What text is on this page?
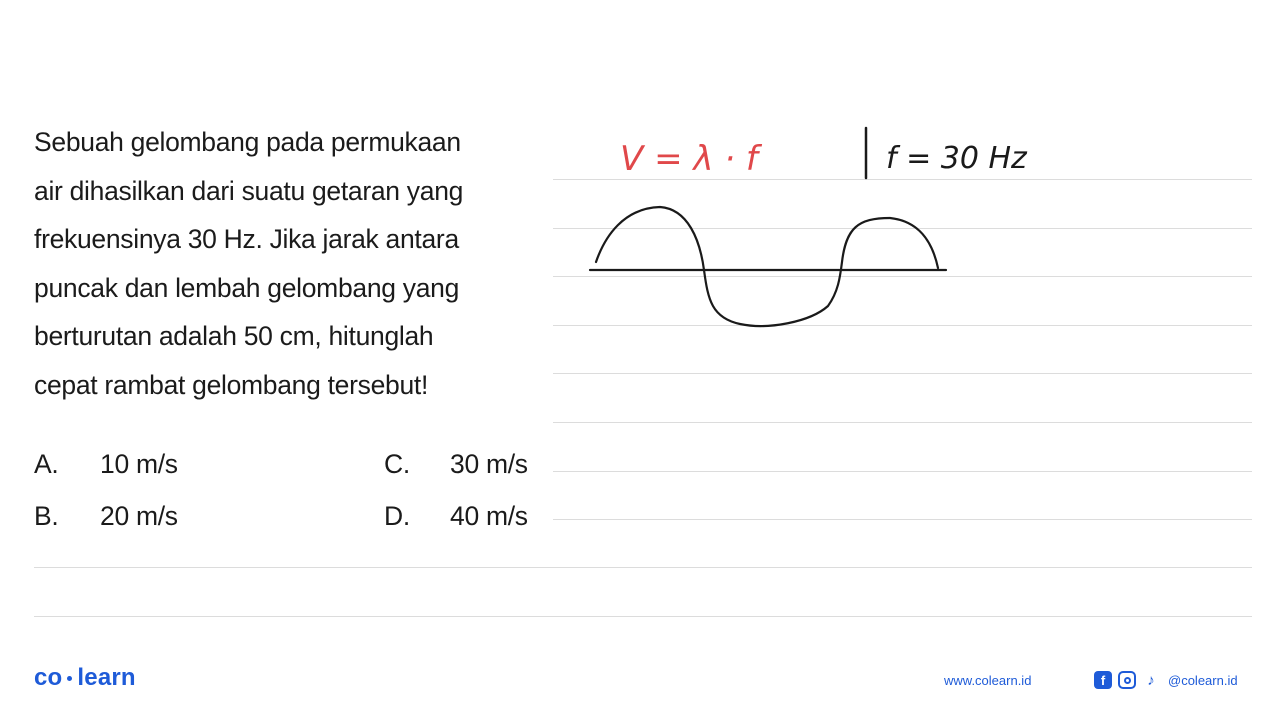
Sebuah gelombang pada permukaan
air dihasilkan dari suatu getaran yang
frekuensinya 30 Hz. Jika jarak antara
puncak dan lembah gelombang yang
berturutan adalah 50 cm, hitunglah
cepat rambat gelombang tersebut!
A. 10 m/s	C. 30 m/s
B. 20 m/s	D. 40 m/s
V = λ · f	f = 30 Hz
co learn	www.colearn.id	f	♪	@colearn.id
